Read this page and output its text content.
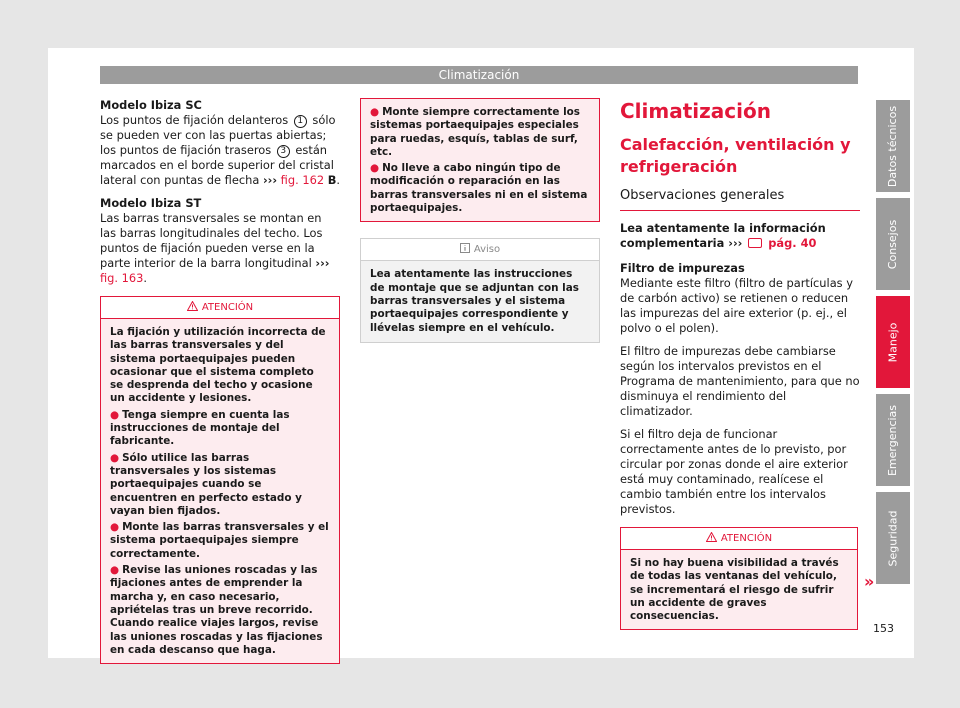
Climatización
Modelo Ibiza SC

Los puntos de fijación delanteros 1 sólo se pueden ver con las puertas abiertas; los puntos de fijación traseros 3 están marcados en el borde superior del cristal lateral con puntas de flecha ››› fig. 162 B.

Modelo Ibiza ST

Las barras transversales se montan en las barras longitudinales del techo. Los puntos de fijación pueden verse en la parte interior de la barra longitudinal ››› fig. 163.

ATENCIÓN
La fijación y utilización incorrecta de las barras transversales y del sistema portaequipajes pueden ocasionar que el sistema completo se desprenda del techo y ocasione un accidente y lesiones.
● Tenga siempre en cuenta las instrucciones de montaje del fabricante.
● Sólo utilice las barras transversales y los sistemas portaequipajes cuando se encuentren en perfecto estado y vayan bien fijados.
● Monte las barras transversales y el sistema portaequipajes siempre correctamente.
● Revise las uniones roscadas y las fijaciones antes de emprender la marcha y, en caso necesario, apriételas tras un breve recorrido. Cuando realice viajes largos, revise las uniones roscadas y las fijaciones en cada descanso que haga.
● Monte siempre correctamente los sistemas portaequipajes especiales para ruedas, esquís, tablas de surf, etc.
● No lleve a cabo ningún tipo de modificación o reparación en las barras transversales ni en el sistema portaequipajes.
Aviso
Lea atentamente las instrucciones de montaje que se adjuntan con las barras transversales y el sistema portaequipajes correspondiente y llévelas siempre en el vehículo.
Climatización
Calefacción, ventilación y refrigeración
Observaciones generales

Lea atentamente la información complementaria ››› pág. 40

Filtro de impurezas

Mediante este filtro (filtro de partículas y de carbón activo) se retienen o reducen las impurezas del aire exterior (p. ej., el polvo o el polen).

El filtro de impurezas debe cambiarse según los intervalos previstos en el Programa de mantenimiento, para que no disminuya el rendimiento del climatizador.

Si el filtro deja de funcionar correctamente antes de lo previsto, por circular por zonas donde el aire exterior está muy contaminado, realícese el cambio también entre los intervalos previstos.

ATENCIÓN
Si no hay buena visibilidad a través de todas las ventanas del vehículo, se incrementará el riesgo de sufrir un accidente de graves consecuencias.
»
Datos técnicos
Consejos
Manejo
Emergencias
Seguridad
153
